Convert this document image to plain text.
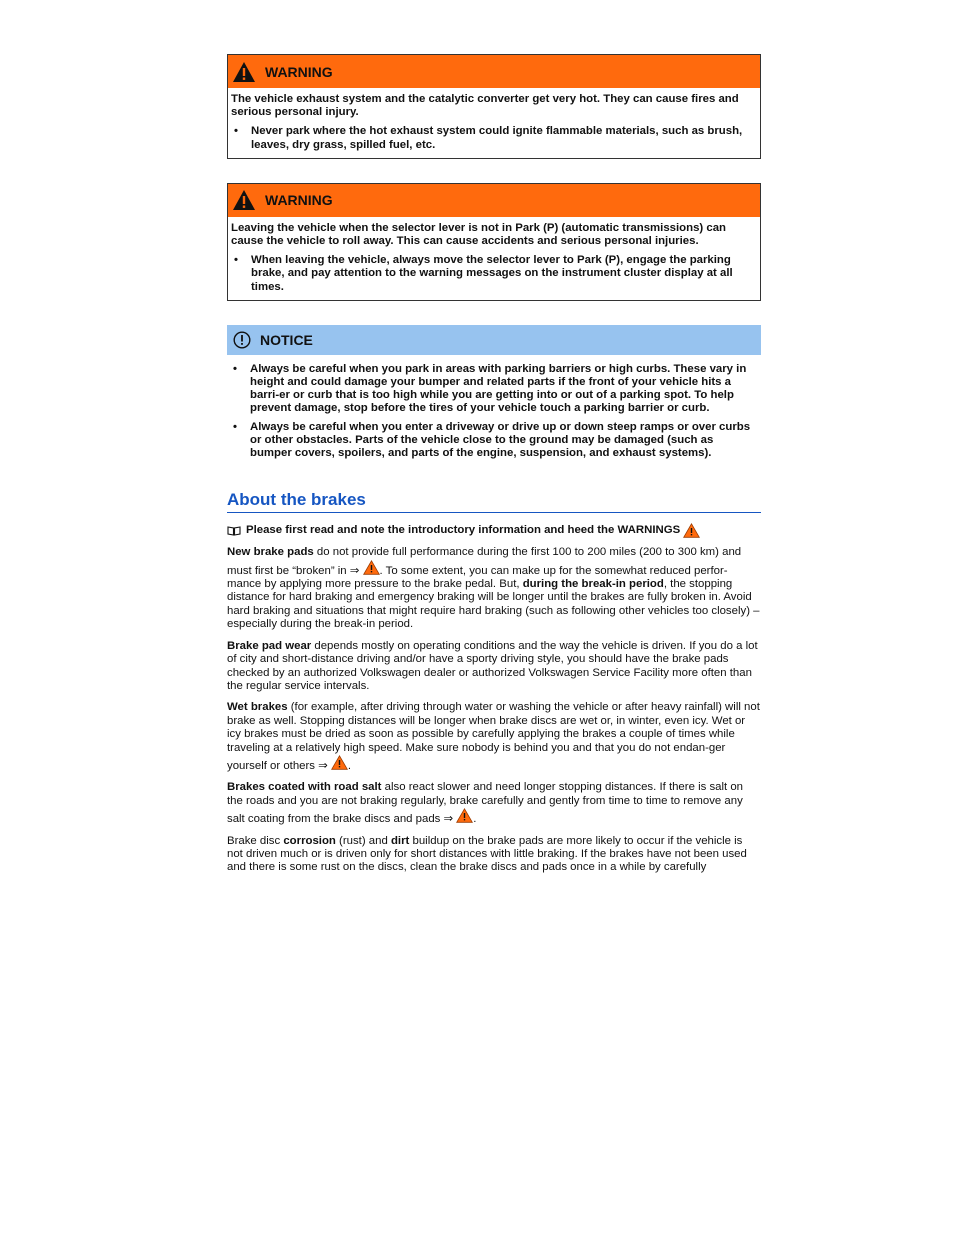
WARNING

The vehicle exhaust system and the catalytic converter get very hot. They can cause fires and serious personal injury.

•	Never park where the hot exhaust system could ignite flammable materials, such as brush, leaves, dry grass, spilled fuel, etc.
WARNING

Leaving the vehicle when the selector lever is not in Park (P) (automatic transmissions) can cause the vehicle to roll away. This can cause accidents and serious personal injuries.

•	When leaving the vehicle, always move the selector lever to Park (P), engage the parking brake, and pay attention to the warning messages on the instrument cluster display at all times.
NOTICE
•	Always be careful when you park in areas with parking barriers or high curbs. These vary in height and could damage your bumper and related parts if the front of your vehicle hits a barri-er or curb that is too high while you are getting into or out of a parking spot. To help prevent damage, stop before the tires of your vehicle touch a parking barrier or curb.
•	Always be careful when you enter a driveway or drive up or down steep ramps or over curbs or other obstacles. Parts of the vehicle close to the ground may be damaged (such as bumper covers, spoilers, and parts of the engine, suspension, and exhaust systems).
About the brakes

Please first read and note the introductory information and heed the WARNINGS

New brake pads do not provide full performance during the first 100 to 200 miles (200 to 300 km) and must first be “broken” in ⇒ . To some extent, you can make up for the somewhat reduced perfor-mance by applying more pressure to the brake pedal. But, during the break-in period, the stopping distance for hard braking and emergency braking will be longer until the brakes are fully broken in. Avoid hard braking and situations that might require hard braking (such as following other vehicles too closely) – especially during the break-in period.

Brake pad wear depends mostly on operating conditions and the way the vehicle is driven. If you do a lot of city and short-distance driving and/or have a sporty driving style, you should have the brake pads checked by an authorized Volkswagen dealer or authorized Volkswagen Service Facility more often than the regular service intervals.

Wet brakes (for example, after driving through water or washing the vehicle or after heavy rainfall) will not brake as well. Stopping distances will be longer when brake discs are wet or, in winter, even icy. Wet or icy brakes must be dried as soon as possible by carefully applying the brakes a couple of times while traveling at a relatively high speed. Make sure nobody is behind you and that you do not endan-ger yourself or others ⇒ .

Brakes coated with road salt also react slower and need longer stopping distances. If there is salt on the roads and you are not braking regularly, brake carefully and gently from time to time to remove any salt coating from the brake discs and pads ⇒ .

Brake disc corrosion (rust) and dirt buildup on the brake pads are more likely to occur if the vehicle is not driven much or is driven only for short distances with little braking. If the brakes have not been used and there is some rust on the discs, clean the brake discs and pads once in a while by carefully
